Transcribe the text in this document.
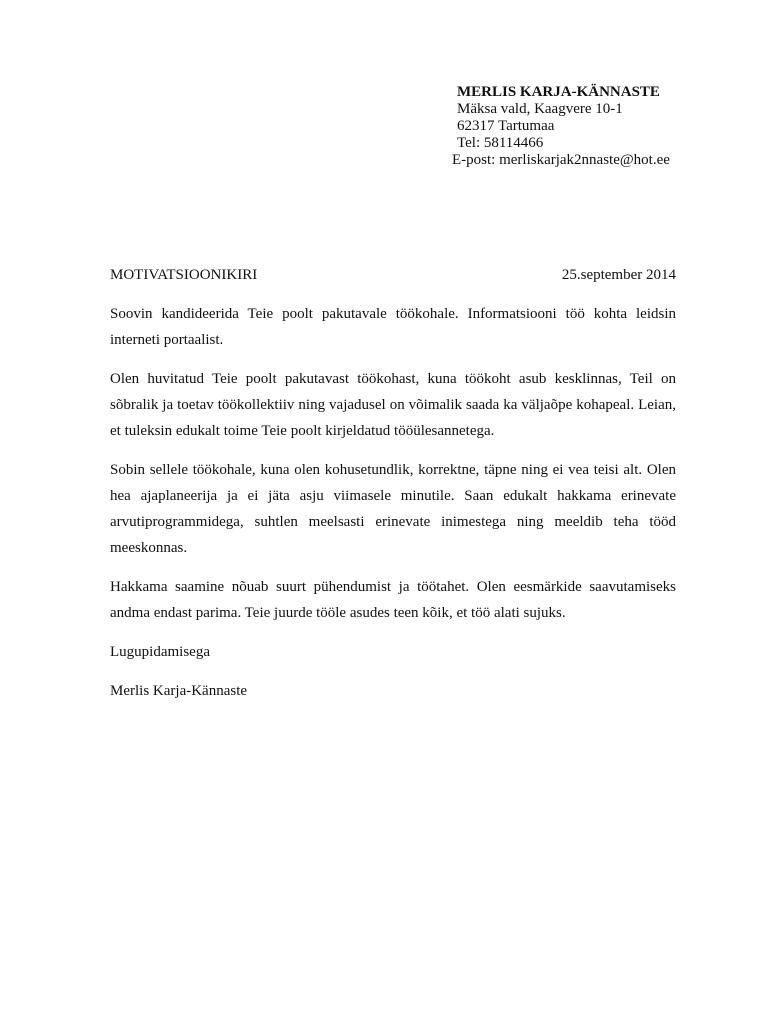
MERLIS KARJA-KÄNNASTE
Mäksa vald, Kaagvere 10-1
62317 Tartumaa
Tel: 58114466
E-post: merliskarjak2nnaste@hot.ee
MOTIVATSIOONIKIRI	25.september 2014

Soovin kandideerida Teie poolt pakutavale töökohale. Informatsiooni töö kohta leidsin interneti portaalist.

Olen huvitatud Teie poolt pakutavast töökohast, kuna töökoht asub kesklinnas, Teil on sõbralik ja toetav töökollektiiv ning vajadusel on võimalik saada ka väljaõpe kohapeal. Leian, et tuleksin edukalt toime Teie poolt kirjeldatud tööülesannetega.

Sobin sellele töökohale, kuna olen kohusetundlik, korrektne, täpne ning ei vea teisi alt. Olen hea ajaplaneerija ja ei jäta asju viimasele minutile. Saan edukalt hakkama erinevate arvutiprogrammidega, suhtlen meelsasti erinevate inimestega ning meeldib teha tööd meeskonnas.

Hakkama saamine nõuab suurt pühendumist ja töötahet. Olen eesmärkide saavutamiseks andma endast parima. Teie juurde tööle asudes teen kõik, et töö alati sujuks.

Lugupidamisega

Merlis Karja-Kännaste
